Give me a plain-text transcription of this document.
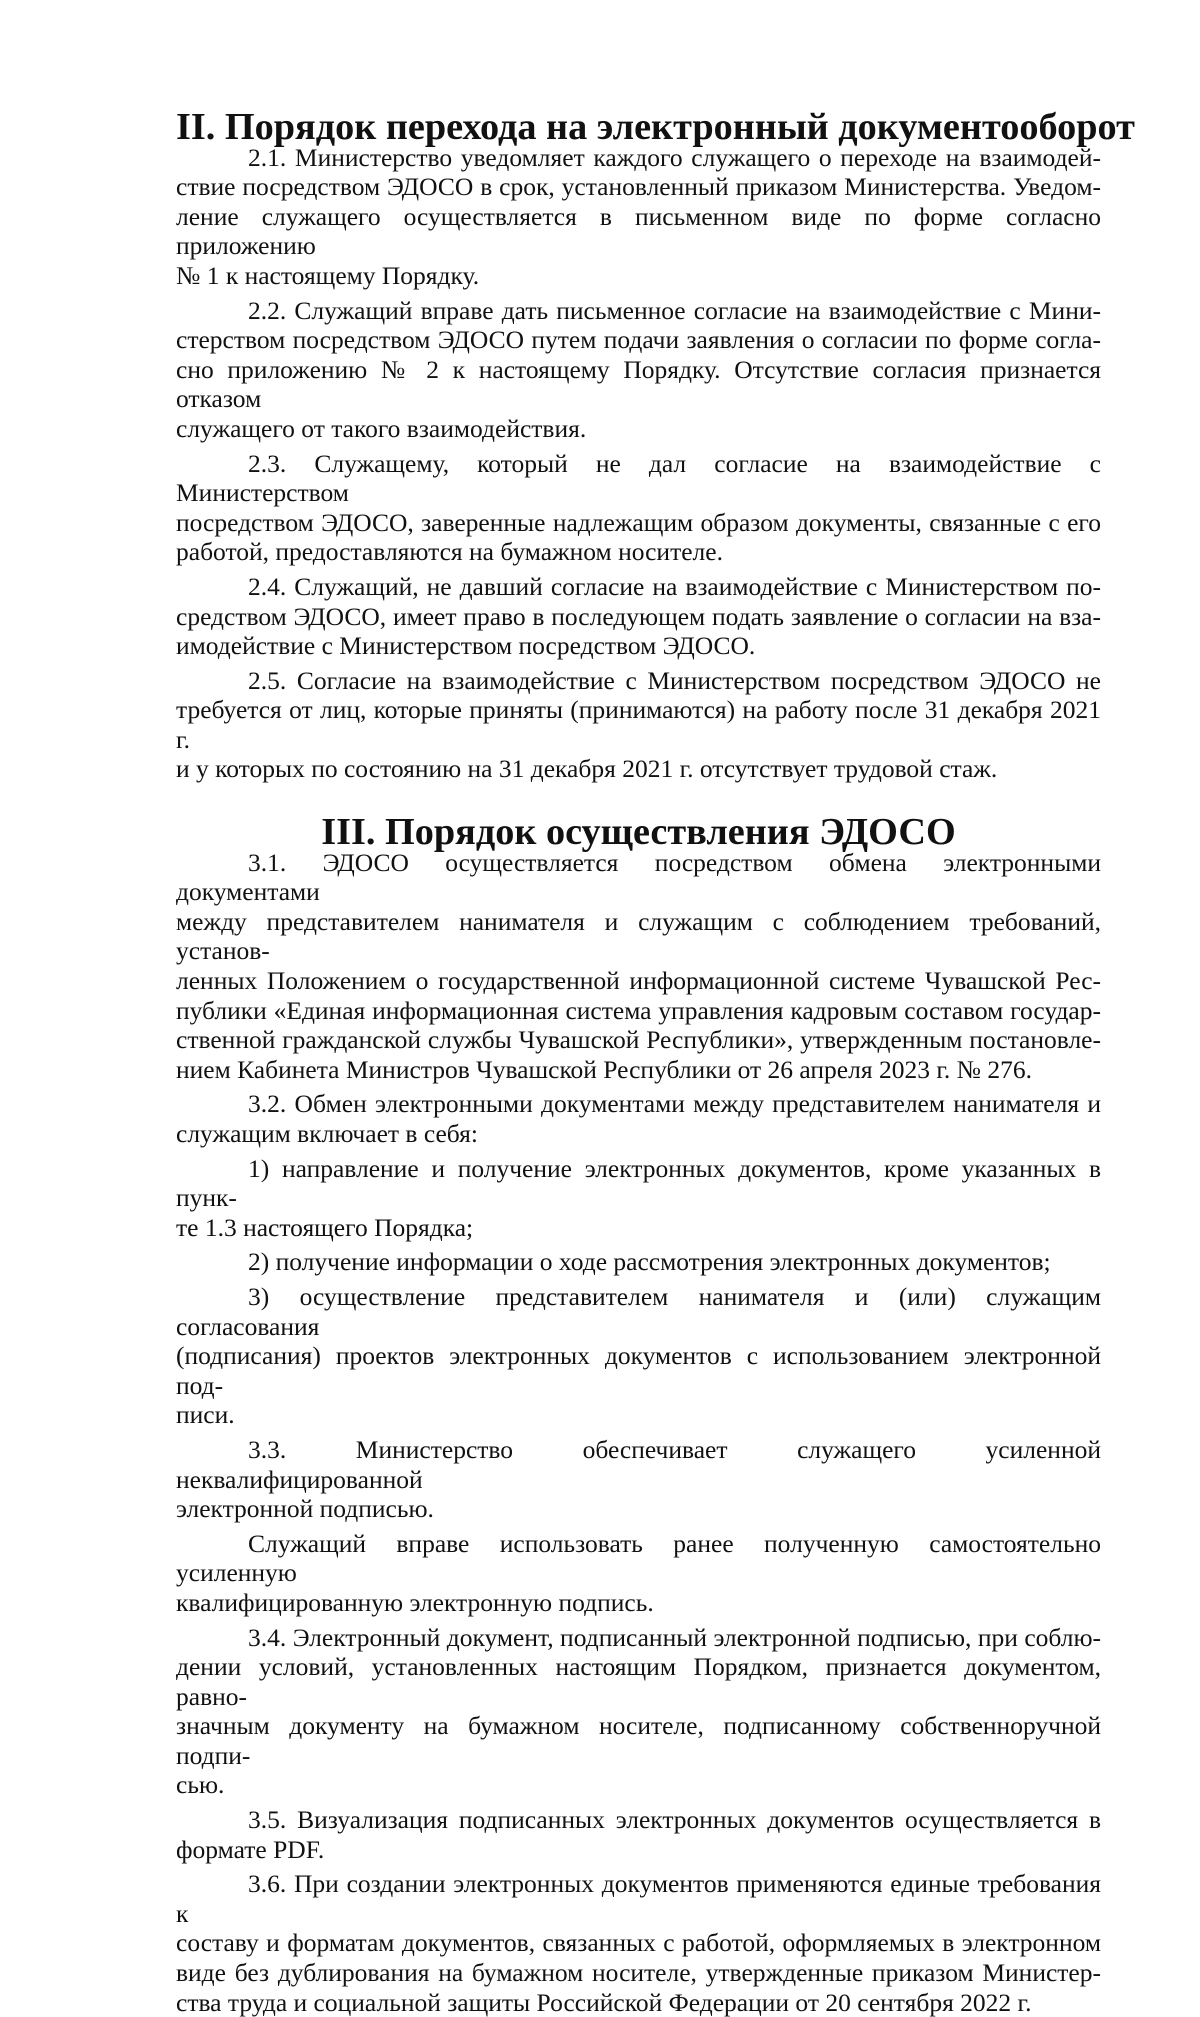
II. Порядок перехода на электронный документооборот

2.1. Министерство уведомляет каждого служащего о переходе на взаимодей-
ствие посредством ЭДОСО в срок, установленный приказом Министерства. Уведом-
ление служащего осуществляется в письменном виде по форме согласно приложению
№ 1 к настоящему Порядку.

2.2. Служащий вправе дать письменное согласие на взаимодействие с Мини-
стерством посредством ЭДОСО путем подачи заявления о согласии по форме согла-
сно приложению № 2 к настоящему Порядку. Отсутствие согласия признается отказом
служащего от такого взаимодействия.

2.3. Служащему, который не дал согласие на взаимодействие с Министерством
посредством ЭДОСО, заверенные надлежащим образом документы, связанные с его
работой, предоставляются на бумажном носителе.

2.4. Служащий, не давший согласие на взаимодействие с Министерством по-
средством ЭДОСО, имеет право в последующем подать заявление о согласии на вза-
имодействие с Министерством посредством ЭДОСО.

2.5. Согласие на взаимодействие с Министерством посредством ЭДОСО не
требуется от лиц, которые приняты (принимаются) на работу после 31 декабря 2021 г.
и у которых по состоянию на 31 декабря 2021 г. отсутствует трудовой стаж.

III. Порядок осуществления ЭДОСО

3.1. ЭДОСО осуществляется посредством обмена электронными документами
между представителем нанимателя и служащим с соблюдением требований, установ-
ленных Положением о государственной информационной системе Чувашской Рес-
публики «Единая информационная система управления кадровым составом государ-
ственной гражданской службы Чувашской Республики», утвержденным постановле-
нием Кабинета Министров Чувашской Республики от 26 апреля 2023 г. № 276.

3.2. Обмен электронными документами между представителем нанимателя и
служащим включает в себя:

1) направление и получение электронных документов, кроме указанных в пунк-
те 1.3 настоящего Порядка;

2) получение информации о ходе рассмотрения электронных документов;

3) осуществление представителем нанимателя и (или) служащим согласования
(подписания) проектов электронных документов с использованием электронной под-
писи.

3.3. Министерство обеспечивает служащего усиленной неквалифицированной
электронной подписью.

Служащий вправе использовать ранее полученную самостоятельно усиленную
квалифицированную электронную подпись.

3.4. Электронный документ, подписанный электронной подписью, при соблю-
дении условий, установленных настоящим Порядком, признается документом, равно-
значным документу на бумажном носителе, подписанному собственноручной подпи-
сью.

3.5. Визуализация подписанных электронных документов осуществляется в
формате PDF.

3.6. При создании электронных документов применяются единые требования к
составу и форматам документов, связанных с работой, оформляемых в электронном
виде без дублирования на бумажном носителе, утвержденные приказом Министер-
ства труда и социальной защиты Российской Федерации от 20 сентября 2022 г.
